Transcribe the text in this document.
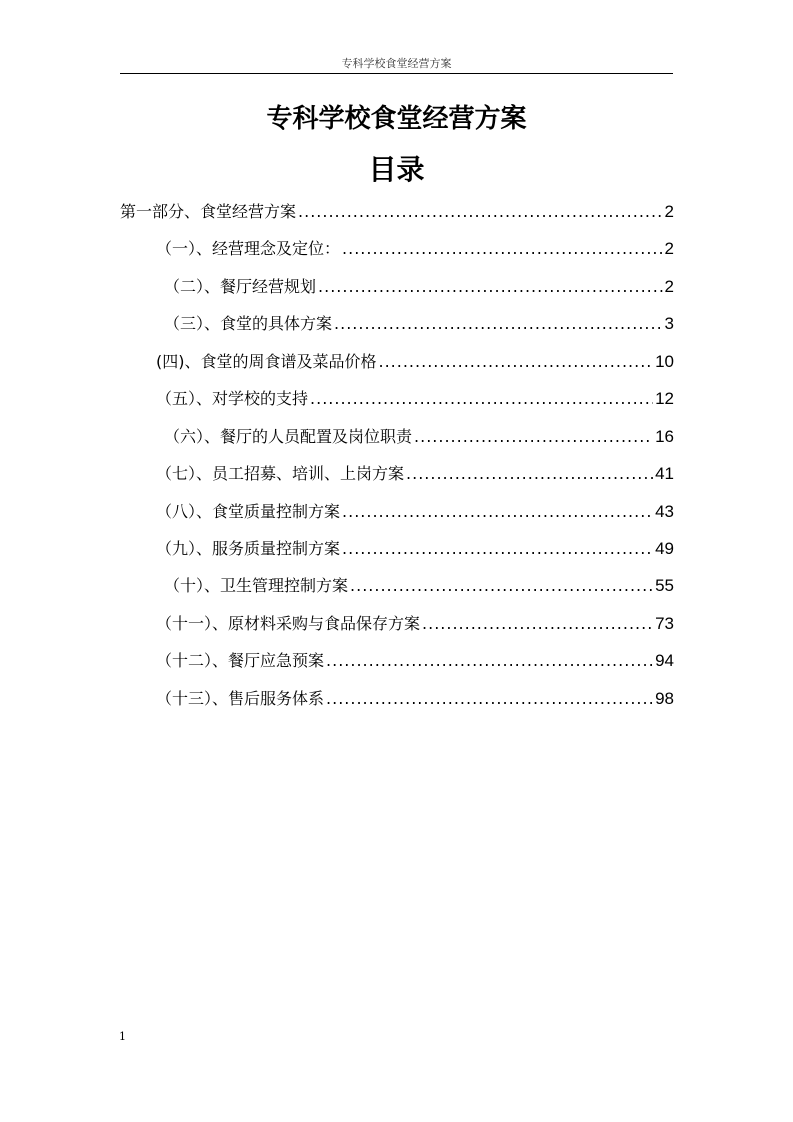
专科学校食堂经营方案
专科学校食堂经营方案
目录
第一部分、食堂经营方案 .....	2
（一）、经营理念及定位： .....	2
（二）、餐厅经营规划 .....	2
（三）、食堂的具体方案 .....	3
(四)、食堂的周食谱及菜品价格 .....	10
（五）、对学校的支持 .....	12
（六）、餐厅的人员配置及岗位职责 .....	16
（七）、员工招募、培训、上岗方案 .....	41
（八）、食堂质量控制方案 .....	43
（九）、服务质量控制方案 .....	49
（十）、卫生管理控制方案 .....	55
（十一）、原材料采购与食品保存方案 .....	73
（十二）、餐厅应急预案 .....	94
（十三）、售后服务体系 .....	98
1
